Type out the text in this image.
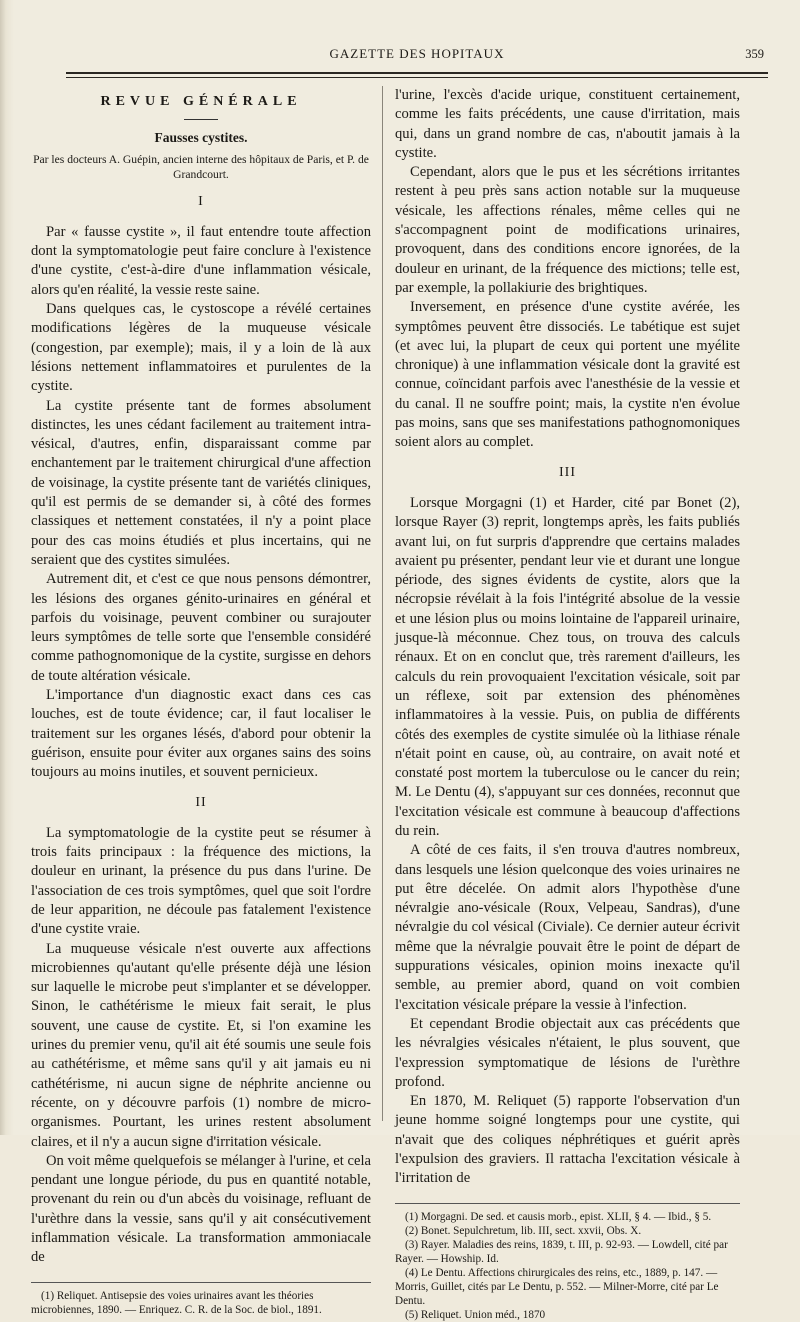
GAZETTE DES HOPITAUX	359
REVUE GÉNÉRALE
Fausses cystites.
Par les docteurs A. Guépin, ancien interne des hôpitaux de Paris, et P. de Grandcourt.
I

Par « fausse cystite », il faut entendre toute affection dont la symptomatologie peut faire conclure à l'existence d'une cystite, c'est-à-dire d'une inflammation vésicale, alors qu'en réalité, la vessie reste saine.

Dans quelques cas, le cystoscope a révélé certaines modifications légères de la muqueuse vésicale (congestion, par exemple); mais, il y a loin de là aux lésions nettement inflammatoires et purulentes de la cystite.

La cystite présente tant de formes absolument distinctes, les unes cédant facilement au traitement intra-vésical, d'autres, enfin, disparaissant comme par enchantement par le traitement chirurgical d'une affection de voisinage, la cystite présente tant de variétés cliniques, qu'il est permis de se demander si, à côté des formes classiques et nettement constatées, il n'y a point place pour des cas moins étudiés et plus incertains, qui ne seraient que des cystites simulées.

Autrement dit, et c'est ce que nous pensons démontrer, les lésions des organes génito-urinaires en général et parfois du voisinage, peuvent combiner ou surajouter leurs symptômes de telle sorte que l'ensemble considéré comme pathognomonique de la cystite, surgisse en dehors de toute altération vésicale.

L'importance d'un diagnostic exact dans ces cas louches, est de toute évidence; car, il faut localiser le traitement sur les organes lésés, d'abord pour obtenir la guérison, ensuite pour éviter aux organes sains des soins toujours au moins inutiles, et souvent pernicieux.

II

La symptomatologie de la cystite peut se résumer à trois faits principaux : la fréquence des mictions, la douleur en urinant, la présence du pus dans l'urine. De l'association de ces trois symptômes, quel que soit l'ordre de leur apparition, ne découle pas fatalement l'existence d'une cystite vraie.

La muqueuse vésicale n'est ouverte aux affections microbiennes qu'autant qu'elle présente déjà une lésion sur laquelle le microbe peut s'implanter et se développer. Sinon, le cathétérisme le mieux fait serait, le plus souvent, une cause de cystite. Et, si l'on examine les urines du premier venu, qu'il ait été soumis une seule fois au cathétérisme, et même sans qu'il y ait jamais eu ni cathétérisme, ni aucun signe de néphrite ancienne ou récente, on y découvre parfois (1) nombre de micro-organismes. Pourtant, les urines restent absolument claires, et il n'y a aucun signe d'irritation vésicale.

On voit même quelquefois se mélanger à l'urine, et cela pendant une longue période, du pus en quantité notable, provenant du rein ou d'un abcès du voisinage, refluant de l'urèthre dans la vessie, sans qu'il y ait consécutivement inflammation vésicale. La transformation ammoniacale de

(1) Reliquet. Antisepsie des voies urinaires avant les théories microbiennes, 1890. — Enriquez. C. R. de la Soc. de biol., 1891.

l'urine, l'excès d'acide urique, constituent certainement, comme les faits précédents, une cause d'irritation, mais qui, dans un grand nombre de cas, n'aboutit jamais à la cystite.

Cependant, alors que le pus et les sécrétions irritantes restent à peu près sans action notable sur la muqueuse vésicale, les affections rénales, même celles qui ne s'accompagnent point de modifications urinaires, provoquent, dans des conditions encore ignorées, de la douleur en urinant, de la fréquence des mictions; telle est, par exemple, la pollakiurie des brightiques.

Inversement, en présence d'une cystite avérée, les symptômes peuvent être dissociés. Le tabétique est sujet (et avec lui, la plupart de ceux qui portent une myélite chronique) à une inflammation vésicale dont la gravité est connue, coïncidant parfois avec l'anesthésie de la vessie et du canal. Il ne souffre point; mais, la cystite n'en évolue pas moins, sans que ses manifestations pathognomoniques soient alors au complet.

III

Lorsque Morgagni (1) et Harder, cité par Bonet (2), lorsque Rayer (3) reprit, longtemps après, les faits publiés avant lui, on fut surpris d'apprendre que certains malades avaient pu présenter, pendant leur vie et durant une longue période, des signes évidents de cystite, alors que la nécropsie révélait à la fois l'intégrité absolue de la vessie et une lésion plus ou moins lointaine de l'appareil urinaire, jusque-là méconnue. Chez tous, on trouva des calculs rénaux. Et on en conclut que, très rarement d'ailleurs, les calculs du rein provoquaient l'excitation vésicale, soit par un réflexe, soit par extension des phénomènes inflammatoires à la vessie. Puis, on publia de différents côtés des exemples de cystite simulée où la lithiase rénale n'était point en cause, où, au contraire, on avait noté et constaté post mortem la tuberculose ou le cancer du rein; M. Le Dentu (4), s'appuyant sur ces données, reconnut que l'excitation vésicale est commune à beaucoup d'affections du rein.

A côté de ces faits, il s'en trouva d'autres nombreux, dans lesquels une lésion quelconque des voies urinaires ne put être décelée. On admit alors l'hypothèse d'une névralgie ano-vésicale (Roux, Velpeau, Sandras), d'une névralgie du col vésical (Civiale). Ce dernier auteur écrivit même que la névralgie pouvait être le point de départ de suppurations vésicales, opinion moins inexacte qu'il semble, au premier abord, quand on voit combien l'excitation vésicale prépare la vessie à l'infection.

Et cependant Brodie objectait aux cas précédents que les névralgies vésicales n'étaient, le plus souvent, que l'expression symptomatique de lésions de l'urèthre profond.

En 1870, M. Reliquet (5) rapporte l'observation d'un jeune homme soigné longtemps pour une cystite, qui n'avait que des coliques néphrétiques et guérit après l'expulsion des graviers. Il rattacha l'excitation vésicale à l'irritation de

(1) Morgagni. De sed. et causis morb., epist. XLII, § 4. — Ibid., § 5.

(2) Bonet. Sepulchretum, lib. III, sect. xxvii, Obs. X.

(3) Rayer. Maladies des reins, 1839, t. III, p. 92-93. — Lowdell, cité par Rayer. — Howship. Id.

(4) Le Dentu. Affections chirurgicales des reins, etc., 1889, p. 147. — Morris, Guillet, cités par Le Dentu, p. 552. — Milner-Morre, cité par Le Dentu.

(5) Reliquet. Union méd., 1870
